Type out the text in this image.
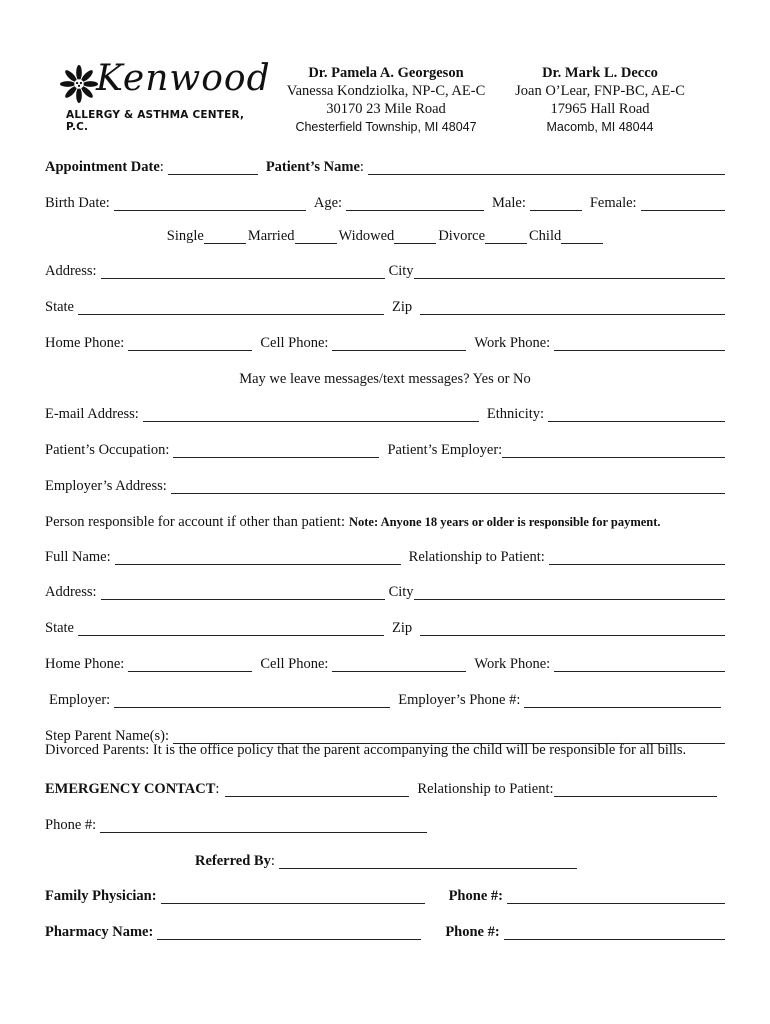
Kenwood
ALLERGY & ASTHMA CENTER, P.C.
Dr. Pamela A. Georgeson
Vanessa Kondziolka, NP-C, AE-C
30170 23 Mile Road
Chesterfield Township, MI 48047
Dr. Mark L. Decco
Joan O’Lear, FNP-BC, AE-C
17965 Hall Road
Macomb, MI 48044
Appointment Date :	Patient’s Name :
Birth Date:	Age:	Male:	Female:
Single	Married	Widowed	Divorce	Child
Address:	City
State	Zip
Home Phone:	Cell Phone:	Work Phone:
May we leave messages/text messages? Yes or No
E-mail Address:	Ethnicity:
Patient’s Occupation:	Patient’s Employer:
Employer’s Address:
Person responsible for account if other than patient: Note: Anyone 18 years or older is responsible for payment.
Full Name:	Relationship to Patient:
Address:	City
State	Zip
Home Phone:	Cell Phone:	Work Phone:
Employer:	Employer’s Phone #:
Step Parent Name(s):
Divorced Parents: It is the office policy that the parent accompanying the child will be responsible for all bills.
EMERGENCY CONTACT :	Relationship to Patient:
Phone #:
Referred By :
Family Physician:	Phone #:
Pharmacy Name:	Phone #:
